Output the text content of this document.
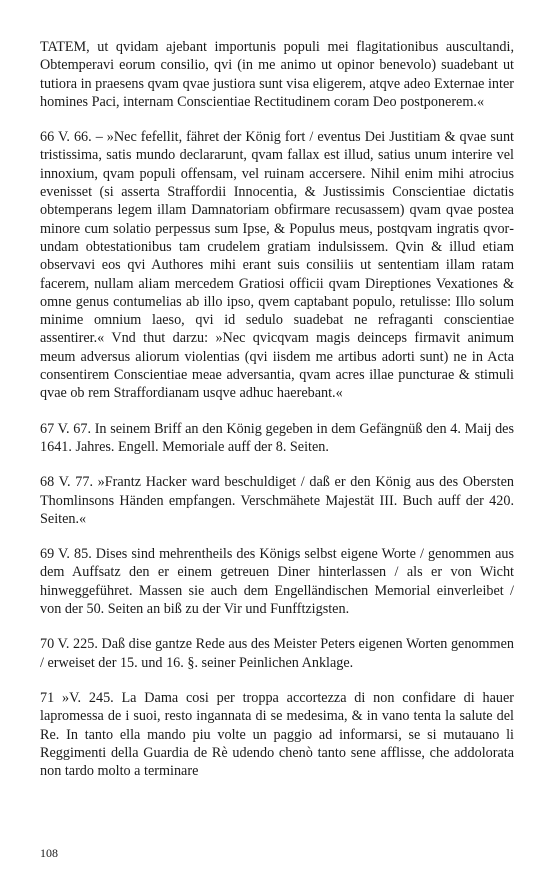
TATEM, ut qvidam ajebant importunis populi mei flagitationibus auscultandi, Obtemperavi eorum consilio, qvi (in me animo ut opinor benevolo) suadebant ut tutiora in praesens qvam qvae justiora sunt visa eligerem, atqve adeo Externae inter homines Paci, internam Conscientiae Rectitudinem coram Deo postponerem.«

66 V. 66. – »Nec fefellit, fähret der König fort / eventus Dei Justitiam & qvae sunt tristissima, satis mundo declararunt, qvam fallax est illud, satius unum interire vel innoxium, qvam populi offensam, vel ruinam accersere. Nihil enim mihi atrocius evenisset (si asserta Straffordii Innocentia, & Justissimis Conscientiae dictatis obtemperans legem illam Damnatoriam obfirmare recusassem) qvam qvae postea minore cum solatio perpessus sum Ipse, & Populus meus, postqvam ingratis qvorundam obtestationibus tam crudelem gratiam indulsissem. Qvin & illud etiam observavi eos qvi Authores mihi erant suis consiliis ut sententiam illam ratam facerem, nullam aliam mercedem Gratiosi officii qvam Direptiones Vexationes & omne genus contumelias ab illo ipso, qvem captabant populo, retulisse: Illo solum minime omnium laeso, qvi id sedulo suadebat ne refraganti conscientiae assentirer.« Vnd thut darzu: »Nec qvicqvam magis deinceps firmavit animum meum adversus aliorum violentias (qvi iisdem me artibus adorti sunt) ne in Acta consentirem Conscientiae meae adversantia, qvam acres illae puncturae & stimuli qvae ob rem Straffordianam usqve adhuc haerebant.«

67 V. 67. In seinem Briff an den König gegeben in dem Gefängnüß den 4. Maij des 1641. Jahres. Engell. Memoriale auff der 8. Seiten.

68 V. 77. »Frantz Hacker ward beschuldiget / daß er den König aus des Obersten Thomlinsons Händen empfangen. Verschmähete Majestät III. Buch auff der 420. Seiten.«

69 V. 85. Dises sind mehrentheils des Königs selbst eigene Worte / genommen aus dem Auffsatz den er einem getreuen Diner hinterlassen / als er von Wicht hinweggeführet. Massen sie auch dem Engelländischen Memorial einverleibet / von der 50. Seiten an biß zu der Vir und Funfftzigsten.

70 V. 225. Daß dise gantze Rede aus des Meister Peters eigenen Worten genommen / erweiset der 15. und 16. §. seiner Peinlichen Anklage.

71 »V. 245. La Dama cosi per troppa accortezza di non confidare di hauer lapromessa de i suoi, resto ingannata di se medesima, & in vano tenta la salute del Re. In tanto ella mando piu volte un paggio ad informarsi, se si mutauano li Reggimenti della Guardia de Rè udendo chenò tanto sene afflisse, che addolorata non tardo molto a terminare

108
